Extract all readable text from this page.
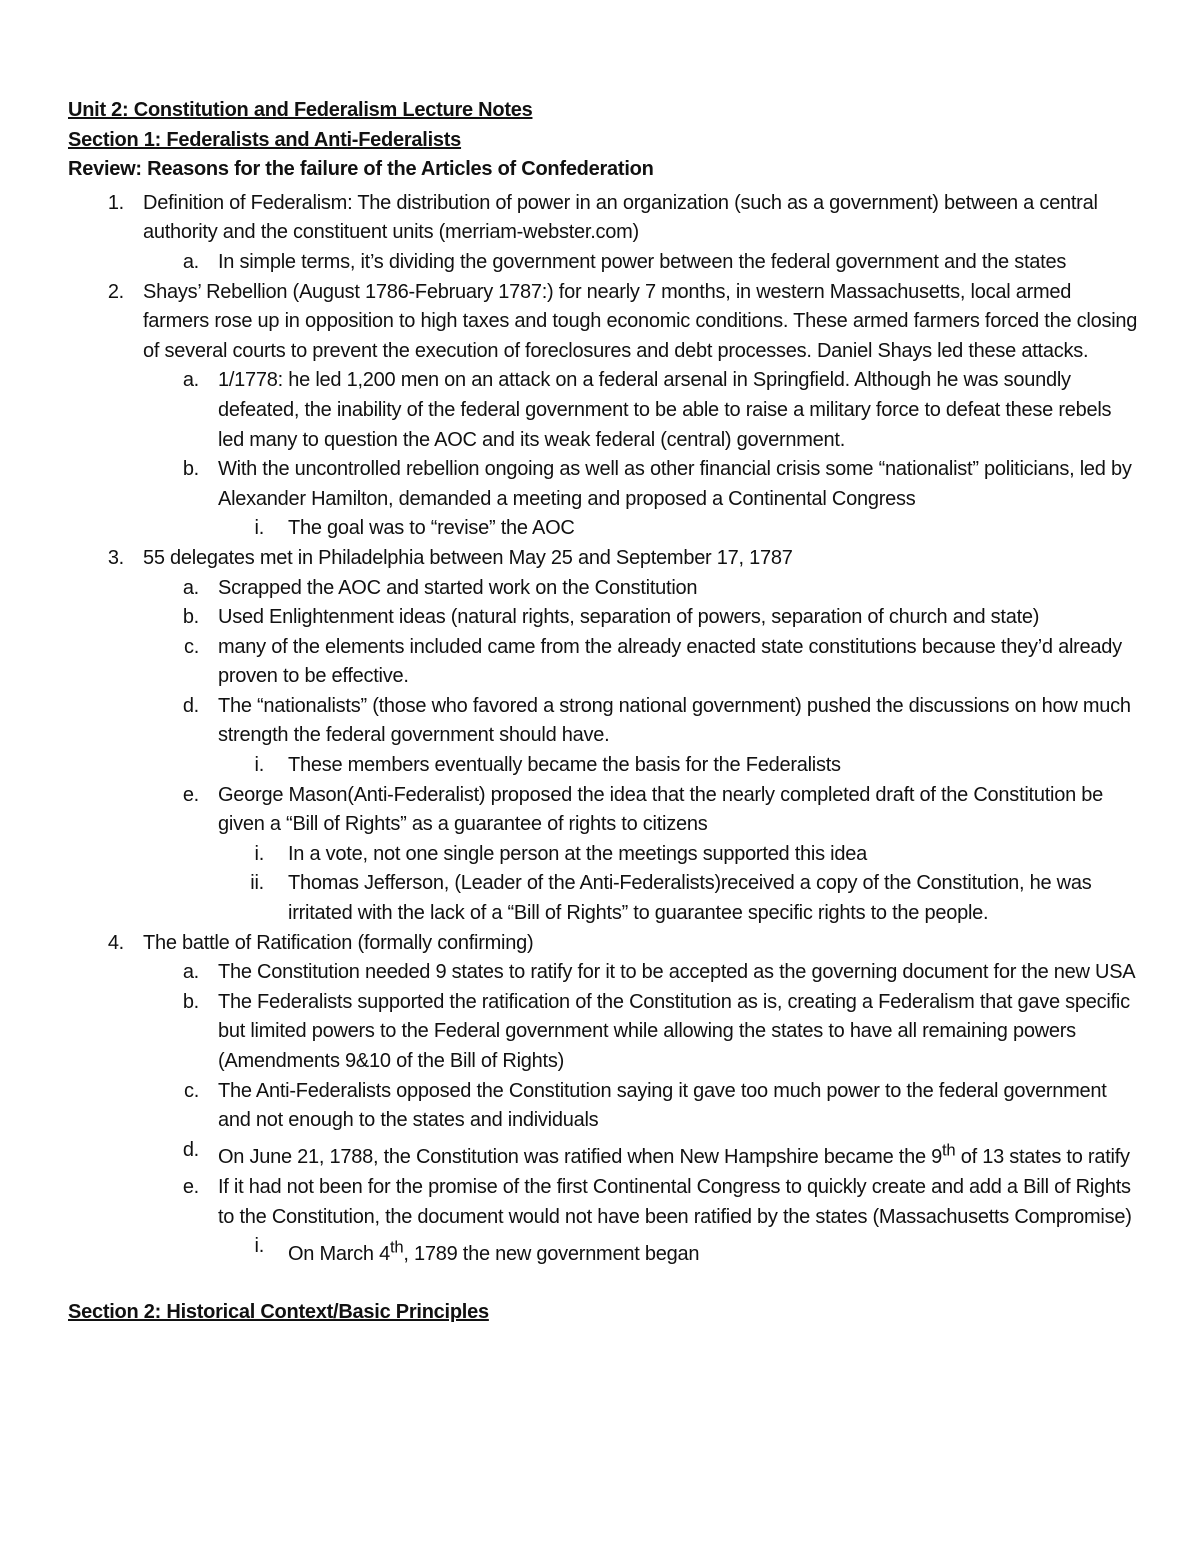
Unit 2: Constitution and Federalism Lecture Notes

Section 1: Federalists and Anti-Federalists

Review: Reasons for the failure of the Articles of Confederation

1. Definition of Federalism: The distribution of power in an organization (such as a government) between a central authority and the constituent units (merriam-webster.com)
a. In simple terms, it’s dividing the government power between the federal government and the states
2. Shays’ Rebellion (August 1786-February 1787:) for nearly 7 months, in western Massachusetts, local armed farmers rose up in opposition to high taxes and tough economic conditions. These armed farmers forced the closing of several courts to prevent the execution of foreclosures and debt processes. Daniel Shays led these attacks.
a. 1/1778: he led 1,200 men on an attack on a federal arsenal in Springfield. Although he was soundly defeated, the inability of the federal government to be able to raise a military force to defeat these rebels led many to question the AOC and its weak federal (central) government.
b. With the uncontrolled rebellion ongoing as well as other financial crisis some “nationalist” politicians, led by Alexander Hamilton, demanded a meeting and proposed a Continental Congress
i. The goal was to “revise” the AOC
3. 55 delegates met in Philadelphia between May 25 and September 17, 1787
a. Scrapped the AOC and started work on the Constitution
b. Used Enlightenment ideas (natural rights, separation of powers, separation of church and state)
c. many of the elements included came from the already enacted state constitutions because they’d already proven to be effective.
d. The “nationalists” (those who favored a strong national government) pushed the discussions on how much strength the federal government should have.
i. These members eventually became the basis for the Federalists
e. George Mason(Anti-Federalist) proposed the idea that the nearly completed draft of the Constitution be given a “Bill of Rights” as a guarantee of rights to citizens
i. In a vote, not one single person at the meetings supported this idea
ii. Thomas Jefferson, (Leader of the Anti-Federalists)received a copy of the Constitution, he was irritated with the lack of a “Bill of Rights” to guarantee specific rights to the people.
4. The battle of Ratification (formally confirming)
a. The Constitution needed 9 states to ratify for it to be accepted as the governing document for the new USA
b. The Federalists supported the ratification of the Constitution as is, creating a Federalism that gave specific but limited powers to the Federal government while allowing the states to have all remaining powers (Amendments 9&10 of the Bill of Rights)
c. The Anti-Federalists opposed the Constitution saying it gave too much power to the federal government and not enough to the states and individuals
d. On June 21, 1788, the Constitution was ratified when New Hampshire became the 9th of 13 states to ratify
e. If it had not been for the promise of the first Continental Congress to quickly create and add a Bill of Rights to the Constitution, the document would not have been ratified by the states (Massachusetts Compromise)
i. On March 4th, 1789 the new government began

Section 2: Historical Context/Basic Principles
